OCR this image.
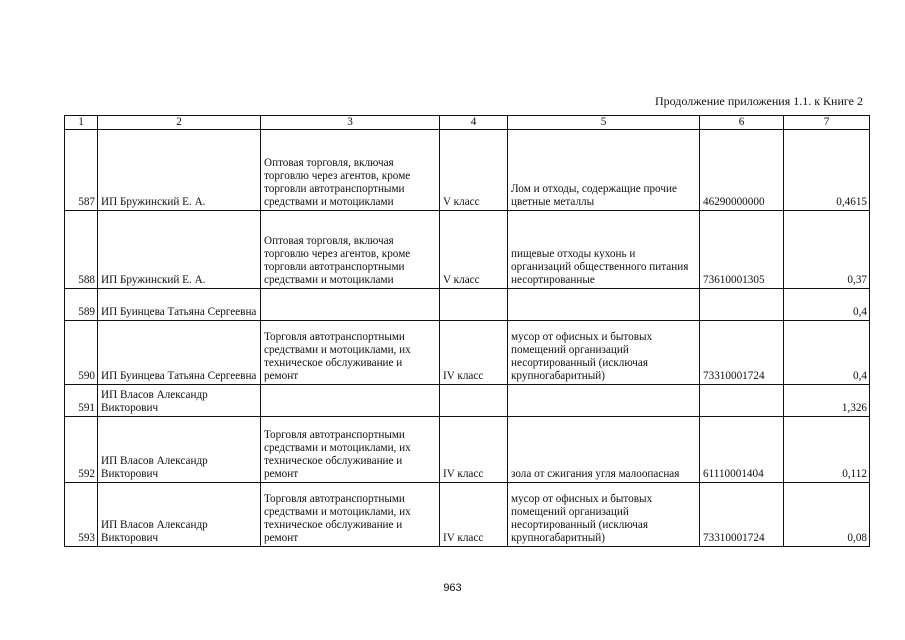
Продолжение приложения 1.1. к Книге 2
1	2	3	4	5	6	7
587	ИП Бружинский Е. А.	Оптовая торговля, включая торговлю через агентов, кроме торговли автотранспортными средствами и мотоциклами	V класс	Лом и отходы, содержащие прочие цветные металлы	46290000000	0,4615
588	ИП Бружинский Е. А.	Оптовая торговля, включая торговлю через агентов, кроме торговли автотранспортными средствами и мотоциклами	V класс	пищевые отходы кухонь и организаций общественного питания несортированные	73610001305	0,37
589	ИП Буинцева Татьяна Сергеевна					0,4
590	ИП Буинцева Татьяна Сергеевна	Торговля автотранспортными средствами и мотоциклами, их техническое обслуживание и ремонт	IV класс	мусор от офисных и бытовых помещений организаций несортированный (исключая крупногабаритный)	73310001724	0,4
591	ИП Власов Александр Викторович					1,326
592	ИП Власов Александр Викторович	Торговля автотранспортными средствами и мотоциклами, их техническое обслуживание и ремонт	IV класс	зола от сжигания угля малоопасная	61110001404	0,112
593	ИП Власов Александр Викторович	Торговля автотранспортными средствами и мотоциклами, их техническое обслуживание и ремонт	IV класс	мусор от офисных и бытовых помещений организаций несортированный (исключая крупногабаритный)	73310001724	0,08
963
